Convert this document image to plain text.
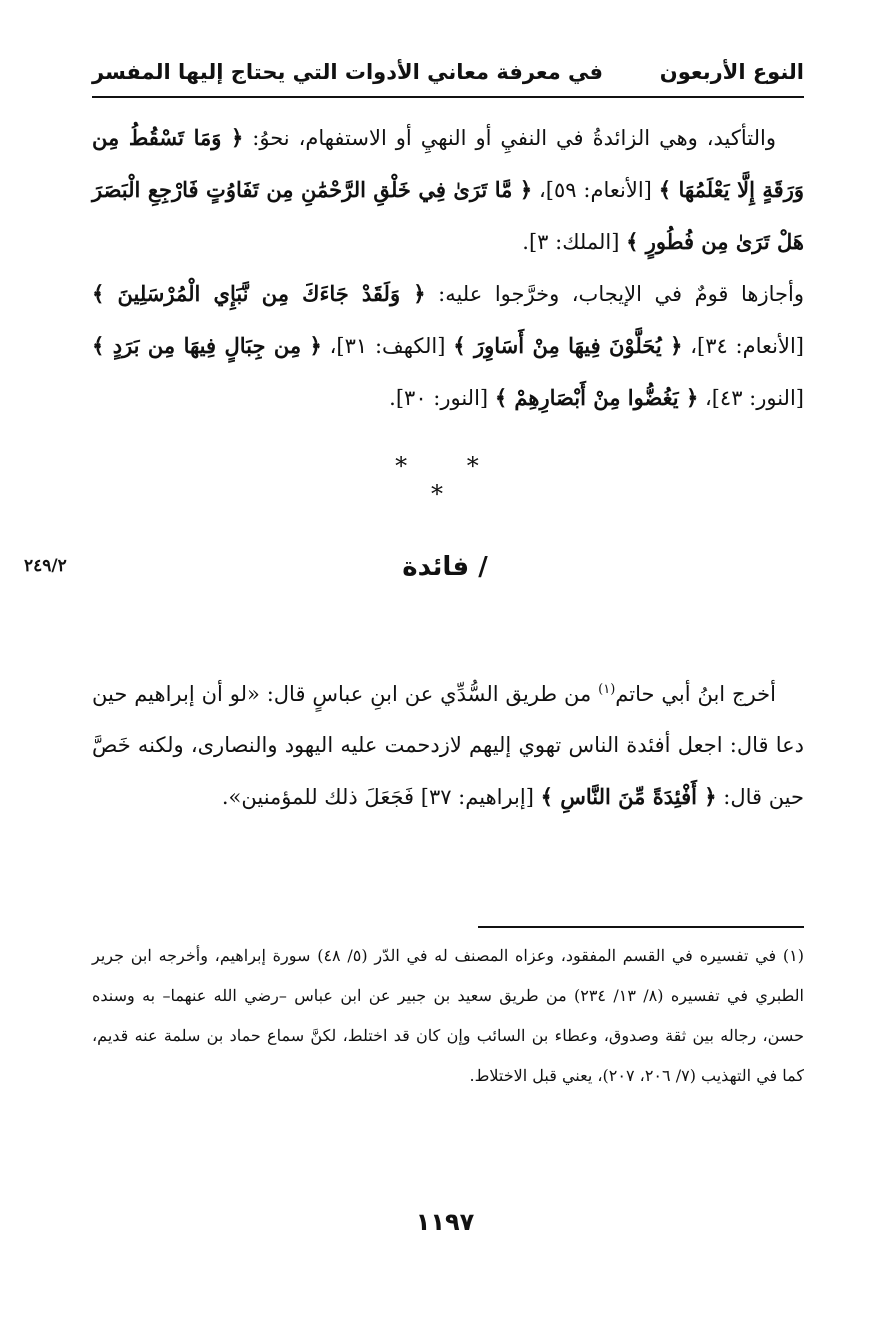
النوع الأربعون
في معرفة معاني الأدوات التي يحتاج إليها المفسر

والتأكيد، وهي الزائدةُ في النفيِ أو النهيِ أو الاستفهام، نحوُ: ﴿ وَمَا تَسْقُطُ مِن وَرَقَةٍ إِلَّا يَعْلَمُهَا ﴾ [الأنعام: ٥٩]، ﴿ مَّا تَرَىٰ فِي خَلْقِ الرَّحْمَٰنِ مِن تَفَاوُتٍ فَارْجِعِ الْبَصَرَ هَلْ تَرَىٰ مِن فُطُورٍ ﴾ [الملك: ٣].

وأجازها قومٌ في الإيجاب، وخرَّجوا عليه: ﴿ وَلَقَدْ جَاءَكَ مِن نَّبَإِي الْمُرْسَلِينَ ﴾ [الأنعام: ٣٤]، ﴿ يُحَلَّوْنَ فِيهَا مِنْ أَسَاوِرَ ﴾ [الكهف: ٣١]، ﴿ مِن جِبَالٍ فِيهَا مِن بَرَدٍ ﴾ [النور: ٤٣]، ﴿ يَغُضُّوا مِنْ أَبْصَارِهِمْ ﴾ [النور: ٣٠].

* * *
٢٤٩/٢	/ فائدة

أخرج ابنُ أبي حاتم$^{(١)}$ من طريق السُّدِّي عن ابنِ عباسٍ قال: «لو أن إبراهيم حين دعا قال: اجعل أفئدة الناس تهوي إليهم لازدحمت عليه اليهود والنصارى، ولكنه خَصَّ حين قال: ﴿ أَفْئِدَةً مِّنَ النَّاسِ ﴾ [إبراهيم: ٣٧] فَجَعَلَ ذلك للمؤمنين».

(١) في تفسيره في القسم المفقود، وعزاه المصنف له في الدّر (٥/ ٤٨) سورة إبراهيم، وأخرجه ابن جرير الطبري في تفسيره (٨/ ١٣/ ٢٣٤) من طريق سعيد بن جبير عن ابن عباس –رضي الله عنهما– به وسنده حسن، رجاله بين ثقة وصدوق، وعطاء بن السائب وإن كان قد اختلط، لكنَّ سماع حماد بن سلمة عنه قديم، كما في التهذيب (٧/ ٢٠٦، ٢٠٧)، يعني قبل الاختلاط.

١١٩٧
